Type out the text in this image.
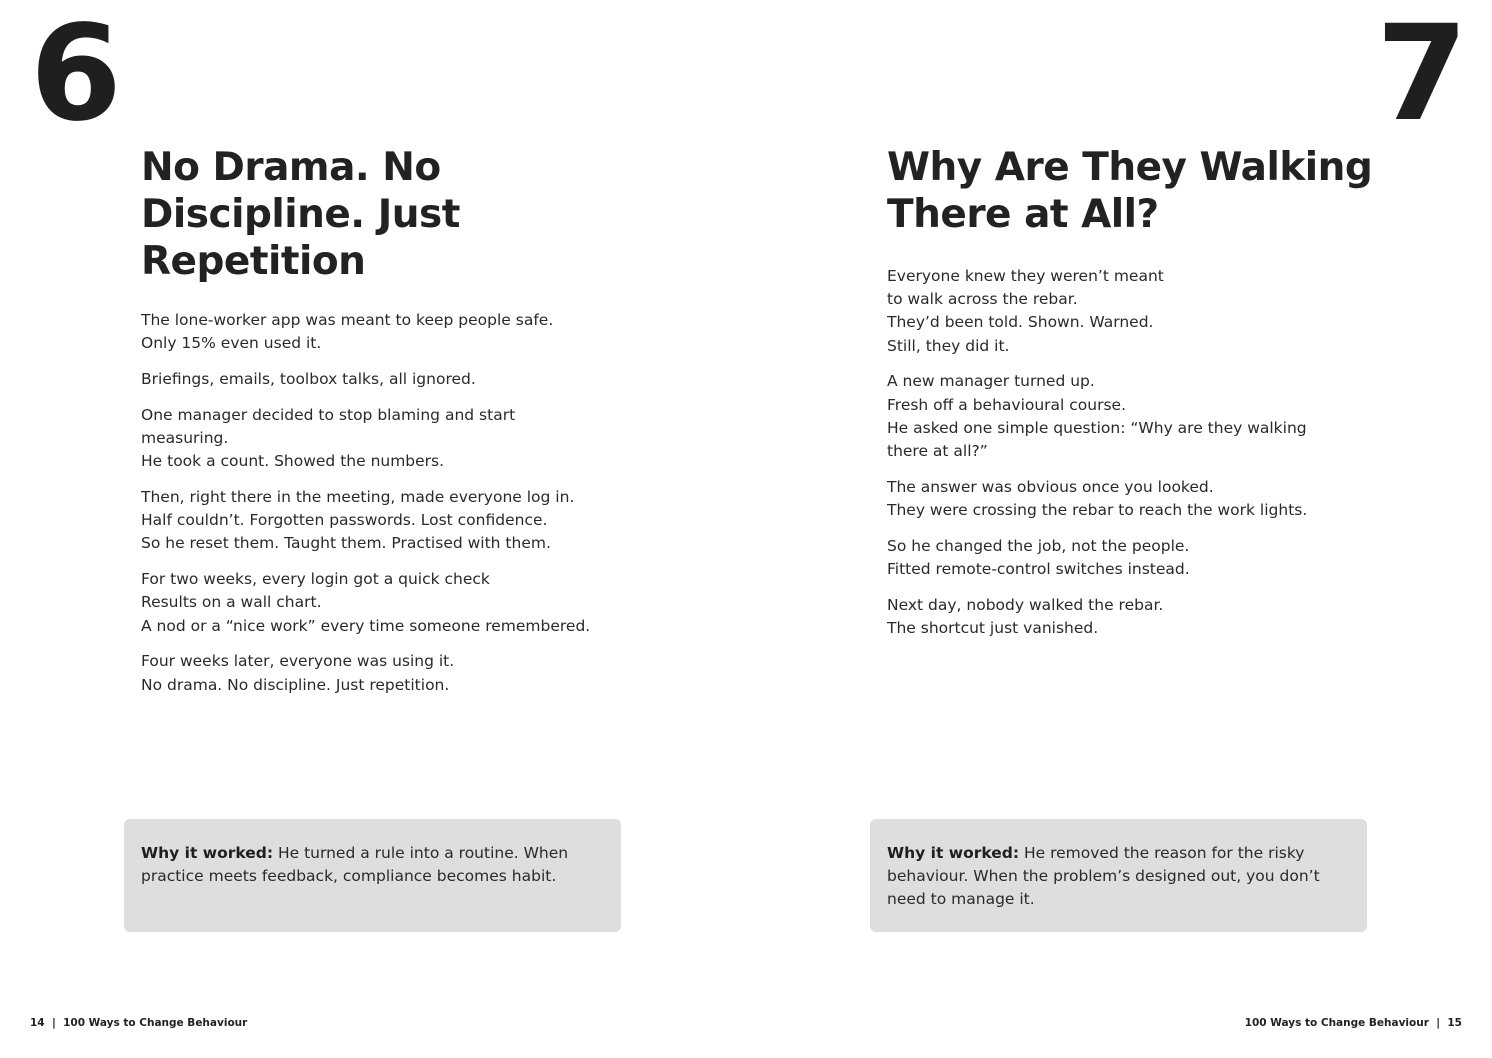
6
No Drama. No Discipline. Just Repetition

The lone-worker app was meant to keep people safe.
Only 15% even used it.

Briefings, emails, toolbox talks, all ignored.

One manager decided to stop blaming and start measuring.
He took a count. Showed the numbers.

Then, right there in the meeting, made everyone log in.
Half couldn’t. Forgotten passwords. Lost confidence.
So he reset them. Taught them. Practised with them.

For two weeks, every login got a quick check
Results on a wall chart.
A nod or a “nice work” every time someone remembered.

Four weeks later, everyone was using it.
No drama. No discipline. Just repetition.

Why it worked: He turned a rule into a routine. When practice meets feedback, compliance becomes habit.
14 | 100 Ways to Change Behaviour
7
Why Are They Walking There at All?

Everyone knew they weren’t meant
to walk across the rebar.
They’d been told. Shown. Warned.
Still, they did it.

A new manager turned up.
Fresh off a behavioural course.
He asked one simple question: “Why are they walking there at all?”

The answer was obvious once you looked.
They were crossing the rebar to reach the work lights.

So he changed the job, not the people.
Fitted remote-control switches instead.

Next day, nobody walked the rebar.
The shortcut just vanished.

Why it worked: He removed the reason for the risky behaviour. When the problem’s designed out, you don’t need to manage it.
100 Ways to Change Behaviour | 15
